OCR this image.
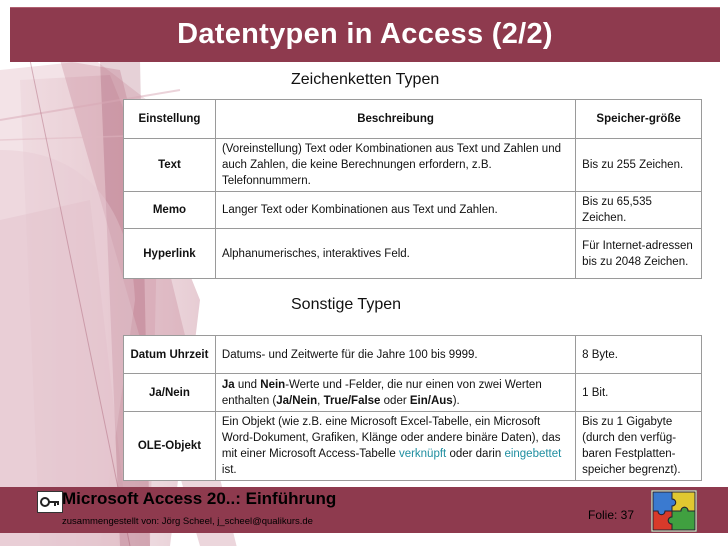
Datentypen in Access (2/2)
Zeichenketten Typen
Einstellung	Beschreibung	Speicher-größe
Text	(Voreinstellung) Text oder Kombinationen aus Text und Zahlen und auch Zahlen, die keine Berechnungen erfordern, z.B. Telefonnummern.	Bis zu 255 Zeichen.
Memo	Langer Text oder Kombinationen aus Text und Zahlen.	Bis zu 65,535 Zeichen.
Hyperlink	Alphanumerisches, interaktives Feld.	Für Internet-adressen bis zu 2048 Zeichen.
Sonstige Typen
Datum Uhrzeit	Datums- und Zeitwerte für die Jahre 100 bis 9999.	8 Byte.
Ja/Nein	Ja und Nein-Werte und -Felder, die nur einen von zwei Werten enthalten (Ja/Nein, True/False oder Ein/Aus).	1 Bit.
OLE-Objekt	Ein Objekt (wie z.B. eine Microsoft Excel-Tabelle, ein Microsoft Word-Dokument, Grafiken, Klänge oder andere binäre Daten), das mit einer Microsoft Access-Tabelle verknüpft oder darin eingebettet ist.	Bis zu 1 Gigabyte (durch den verfüg-baren Festplatten-speicher begrenzt).
Microsoft Access 20..: Einführung
zusammengestellt von: Jörg Scheel, j_scheel@qualikurs.de	Folie: 37
